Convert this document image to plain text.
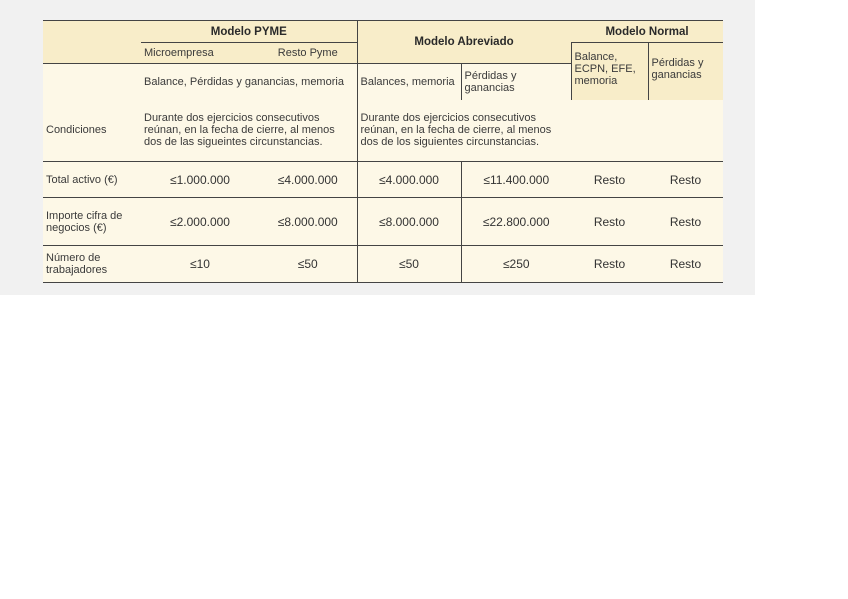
	Modelo PYME		Modelo Abreviado		Modelo Normal	
	Microempresa	Resto Pyme			Balance, ECPN, EFE, memoria	Pérdidas y ganancias
	Balance, Pérdidas y ganancias, memoria		Balances, memoria	Pérdidas y ganancias		
Condiciones	Durante dos ejercicios consecutivos reúnan, en la fecha de cierre, al menos dos de las sigueintes circunstancias.		Durante dos ejercicios consecutivos reúnan, en la fecha de cierre, al menos dos de los siguientes circunstancias.			
Total activo (€)	≤1.000.000	≤4.000.000	≤4.000.000	≤11.400.000	Resto	Resto
Importe cifra de negocios (€)	≤2.000.000	≤8.000.000	≤8.000.000	≤22.800.000	Resto	Resto
Número de trabajadores	≤10	≤50	≤50	≤250	Resto	Resto
